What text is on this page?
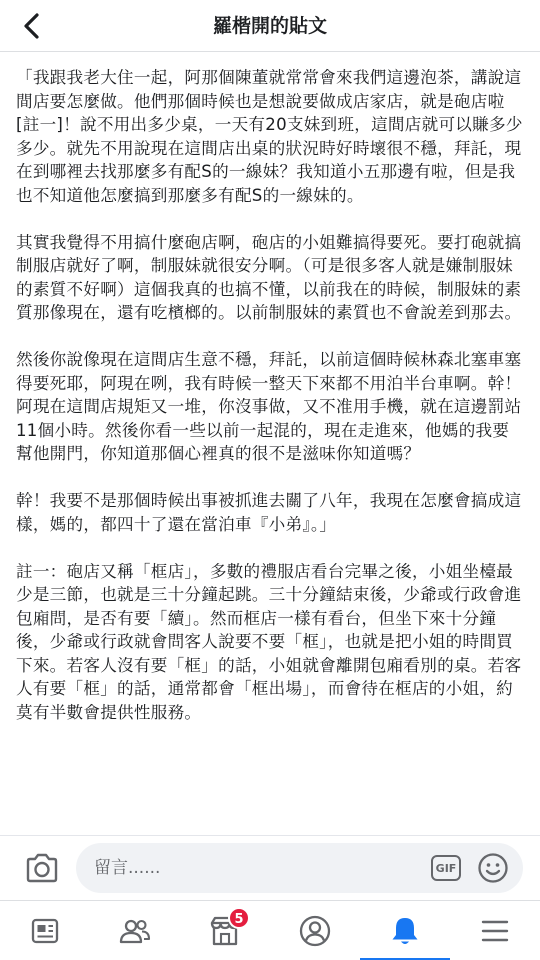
羅楷開的貼文

「我跟我老大住一起，阿那個陳董就常常會來我們這邊泡茶，講說這間店要怎麼做。他們那個時候也是想說要做成店家店，就是砲店啦[註一]！說不用出多少桌，一天有20支妹到班，這間店就可以賺多少多少。就先不用說現在這間店出桌的狀況時好時壞很不穩，拜託，現在到哪裡去找那麼多有配S的一線妹？我知道小五那邊有啦，但是我也不知道他怎麼搞到那麼多有配S的一線妹的。

其實我覺得不用搞什麼砲店啊，砲店的小姐難搞得要死。要打砲就搞制服店就好了啊，制服妹就很安分啊。（可是很多客人就是嫌制服妹的素質不好啊）這個我真的也搞不懂，以前我在的時候，制服妹的素質那像現在，還有吃檳榔的。以前制服妹的素質也不會說差到那去。

然後你說像現在這間店生意不穩，拜託，以前這個時候林森北塞車塞得要死耶，阿現在咧，我有時候一整天下來都不用泊半台車啊。幹！阿現在這間店規矩又一堆，你沒事做，又不准用手機，就在這邊罰站11個小時。然後你看一些以前一起混的，現在走進來，他媽的我要幫他開門，你知道那個心裡真的很不是滋味你知道嗎？

幹！我要不是那個時候出事被抓進去關了八年，我現在怎麼會搞成這樣，媽的，都四十了還在當泊車『小弟』。」

註一：砲店又稱「框店」，多數的禮服店看台完畢之後，小姐坐檯最少是三節，也就是三十分鐘起跳。三十分鐘結束後，少爺或行政會進包廂問，是否有要「續」。然而框店一樣有看台，但坐下來十分鐘後，少爺或行政就會問客人說要不要「框」，也就是把小姐的時間買下來。若客人沒有要「框」的話，小姐就會離開包廂看別的桌。若客人有要「框」的話，通常都會「框出場」，而會待在框店的小姐，約莫有半數會提供性服務。

留言......
GIF
5
